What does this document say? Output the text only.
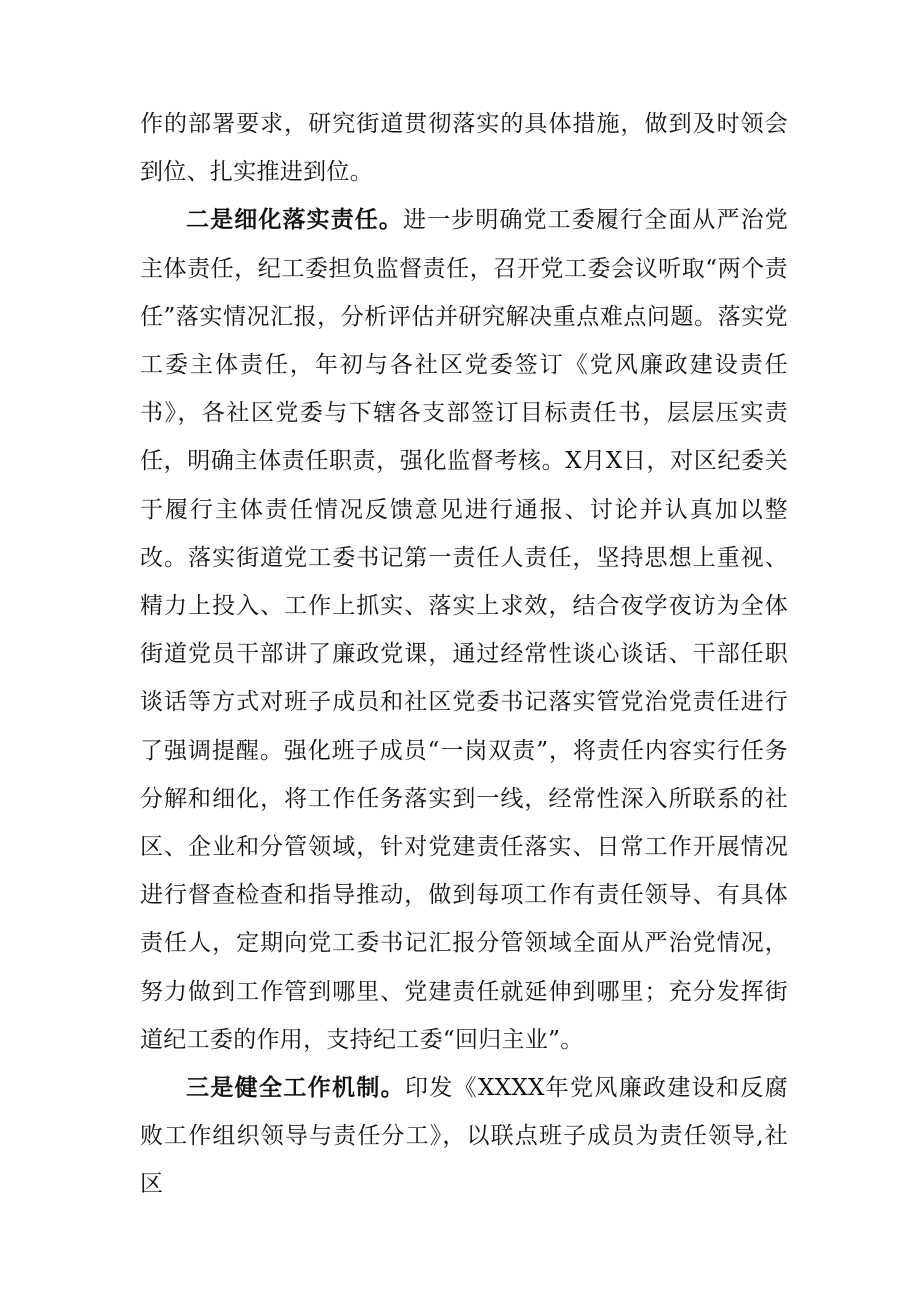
作的部署要求，研究街道贯彻落实的具体措施，做到及时领会到位、扎实推进到位。

二是细化落实责任。进一步明确党工委履行全面从严治党主体责任，纪工委担负监督责任，召开党工委会议听取“两个责任”落实情况汇报，分析评估并研究解决重点难点问题。落实党工委主体责任，年初与各社区党委签订《党风廉政建设责任书》，各社区党委与下辖各支部签订目标责任书，层层压实责任，明确主体责任职责，强化监督考核。X月X日，对区纪委关于履行主体责任情况反馈意见进行通报、讨论并认真加以整改。落实街道党工委书记第一责任人责任，坚持思想上重视、精力上投入、工作上抓实、落实上求效，结合夜学夜访为全体街道党员干部讲了廉政党课，通过经常性谈心谈话、干部任职谈话等方式对班子成员和社区党委书记落实管党治党责任进行了强调提醒。强化班子成员“一岗双责”，将责任内容实行任务分解和细化，将工作任务落实到一线，经常性深入所联系的社区、企业和分管领域，针对党建责任落实、日常工作开展情况进行督查检查和指导推动，做到每项工作有责任领导、有具体责任人，定期向党工委书记汇报分管领域全面从严治党情况，努力做到工作管到哪里、党建责任就延伸到哪里；充分发挥街道纪工委的作用，支持纪工委“回归主业”。

三是健全工作机制。印发《XXXX年党风廉政建设和反腐败工作组织领导与责任分工》，以联点班子成员为责任领导,社区
